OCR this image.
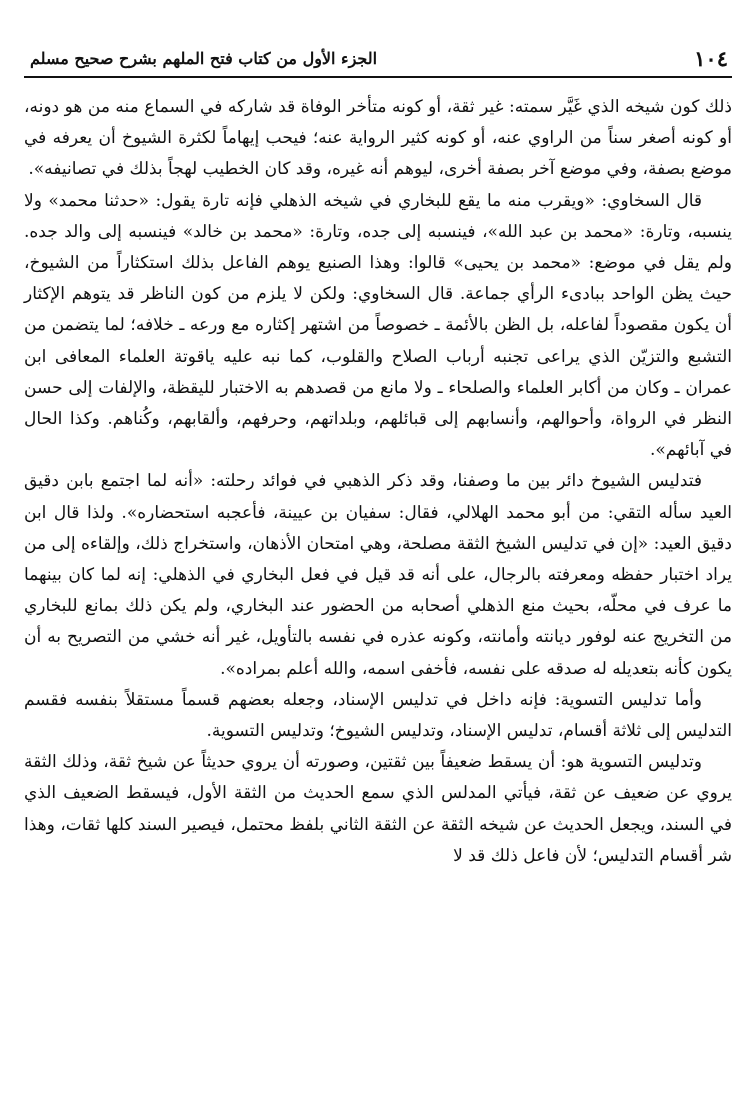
١٠٤
الجزء الأول من كتاب فتح الملهم بشرح صحيح مسلم

ذلك كون شيخه الذي غَيَّر سمته: غير ثقة، أو كونه متأخر الوفاة قد شاركه في السماع منه من هو دونه، أو كونه أصغر سناً من الراوي عنه، أو كونه كثير الرواية عنه؛ فيحب إيهاماً لكثرة الشيوخ أن يعرفه في موضع بصفة، وفي موضع آخر بصفة أخرى، ليوهم أنه غيره، وقد كان الخطيب لهجاً بذلك في تصانيفه».

قال السخاوي: «ويقرب منه ما يقع للبخاري في شيخه الذهلي فإنه تارة يقول: «حدثنا محمد» ولا ينسبه، وتارة: «محمد بن عبد الله»، فينسبه إلى جده، وتارة: «محمد بن خالد» فينسبه إلى والد جده. ولم يقل في موضع: «محمد بن يحيى» قالوا: وهذا الصنيع يوهم الفاعل بذلك استكثاراً من الشيوخ، حيث يظن الواحد ببادىء الرأي جماعة. قال السخاوي: ولكن لا يلزم من كون الناظر قد يتوهم الإكثار أن يكون مقصوداً لفاعله، بل الظن بالأئمة ـ خصوصاً من اشتهر إكثاره مع ورعه ـ خلافه؛ لما يتضمن من التشبع والتزيّن الذي يراعى تجنبه أرباب الصلاح والقلوب، كما نبه عليه ياقوتة العلماء المعافى ابن عمران ـ وكان من أكابر العلماء والصلحاء ـ ولا مانع من قصدهم به الاختبار لليقظة، والإلفات إلى حسن النظر في الرواة، وأحوالهم، وأنسابهم إلى قبائلهم، وبلداتهم، وحرفهم، وألقابهم، وكُناهم. وكذا الحال في آبائهم».

فتدليس الشيوخ دائر بين ما وصفنا، وقد ذكر الذهبي في فوائد رحلته: «أنه لما اجتمع بابن دقيق العيد سأله التقي: من أبو محمد الهلالي، فقال: سفيان بن عيينة، فأعجبه استحضاره». ولذا قال ابن دقيق العيد: «إن في تدليس الشيخ الثقة مصلحة، وهي امتحان الأذهان، واستخراج ذلك، وإلقاءه إلى من يراد اختبار حفظه ومعرفته بالرجال، على أنه قد قيل في فعل البخاري في الذهلي: إنه لما كان بينهما ما عرف في محلّه، بحيث منع الذهلي أصحابه من الحضور عند البخاري، ولم يكن ذلك بمانع للبخاري من التخريج عنه لوفور ديانته وأمانته، وكونه عذره في نفسه بالتأويل، غير أنه خشي من التصريح به أن يكون كأنه بتعديله له صدقه على نفسه، فأخفى اسمه، والله أعلم بمراده».

وأما تدليس التسوية: فإنه داخل في تدليس الإسناد، وجعله بعضهم قسماً مستقلاً بنفسه فقسم التدليس إلى ثلاثة أقسام، تدليس الإسناد، وتدليس الشيوخ؛ وتدليس التسوية.

وتدليس التسوية هو: أن يسقط ضعيفاً بين ثقتين، وصورته أن يروي حديثاً عن شيخ ثقة، وذلك الثقة يروي عن ضعيف عن ثقة، فيأتي المدلس الذي سمع الحديث من الثقة الأول، فيسقط الضعيف الذي في السند، ويجعل الحديث عن شيخه الثقة عن الثقة الثاني بلفظ محتمل، فيصير السند كلها ثقات، وهذا شر أقسام التدليس؛ لأن فاعل ذلك قد لا
